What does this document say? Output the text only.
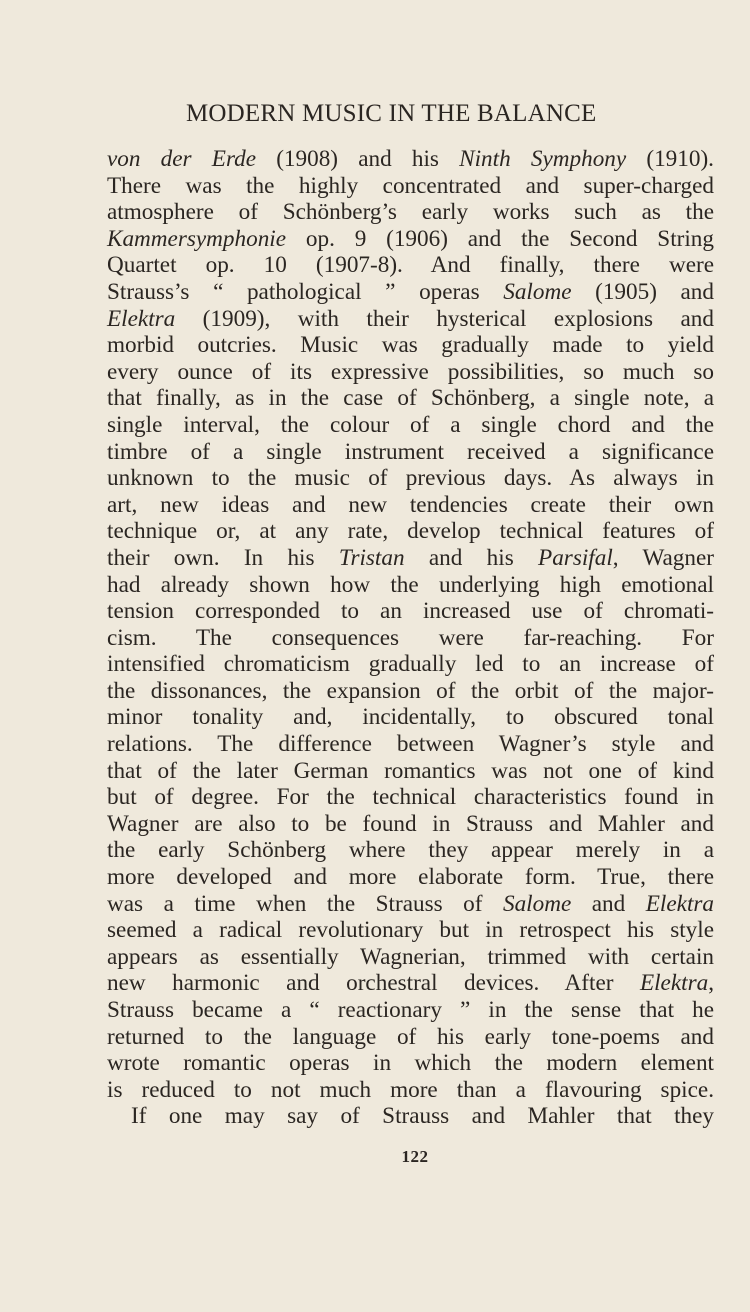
MODERN MUSIC IN THE BALANCE
von der Erde (1908) and his Ninth Symphony (1910).
There was the highly concentrated and super-charged
atmosphere of Schönberg’s early works such as the
Kammersymphonie op. 9 (1906) and the Second String
Quartet op. 10 (1907-8). And finally, there were
Strauss’s “ pathological ” operas Salome (1905) and
Elektra (1909), with their hysterical explosions and
morbid outcries. Music was gradually made to yield
every ounce of its expressive possibilities, so much so
that finally, as in the case of Schönberg, a single note, a
single interval, the colour of a single chord and the
timbre of a single instrument received a significance
unknown to the music of previous days. As always in
art, new ideas and new tendencies create their own
technique or, at any rate, develop technical features of
their own. In his Tristan and his Parsifal, Wagner
had already shown how the underlying high emotional
tension corresponded to an increased use of chromati-
cism. The consequences were far-reaching. For
intensified chromaticism gradually led to an increase of
the dissonances, the expansion of the orbit of the major-
minor tonality and, incidentally, to obscured tonal
relations. The difference between Wagner’s style and
that of the later German romantics was not one of kind
but of degree. For the technical characteristics found in
Wagner are also to be found in Strauss and Mahler and
the early Schönberg where they appear merely in a
more developed and more elaborate form. True, there
was a time when the Strauss of Salome and Elektra
seemed a radical revolutionary but in retrospect his style
appears as essentially Wagnerian, trimmed with certain
new harmonic and orchestral devices. After Elektra,
Strauss became a “ reactionary ” in the sense that he
returned to the language of his early tone-poems and
wrote romantic operas in which the modern element
is reduced to not much more than a flavouring spice.
If one may say of Strauss and Mahler that they
122
